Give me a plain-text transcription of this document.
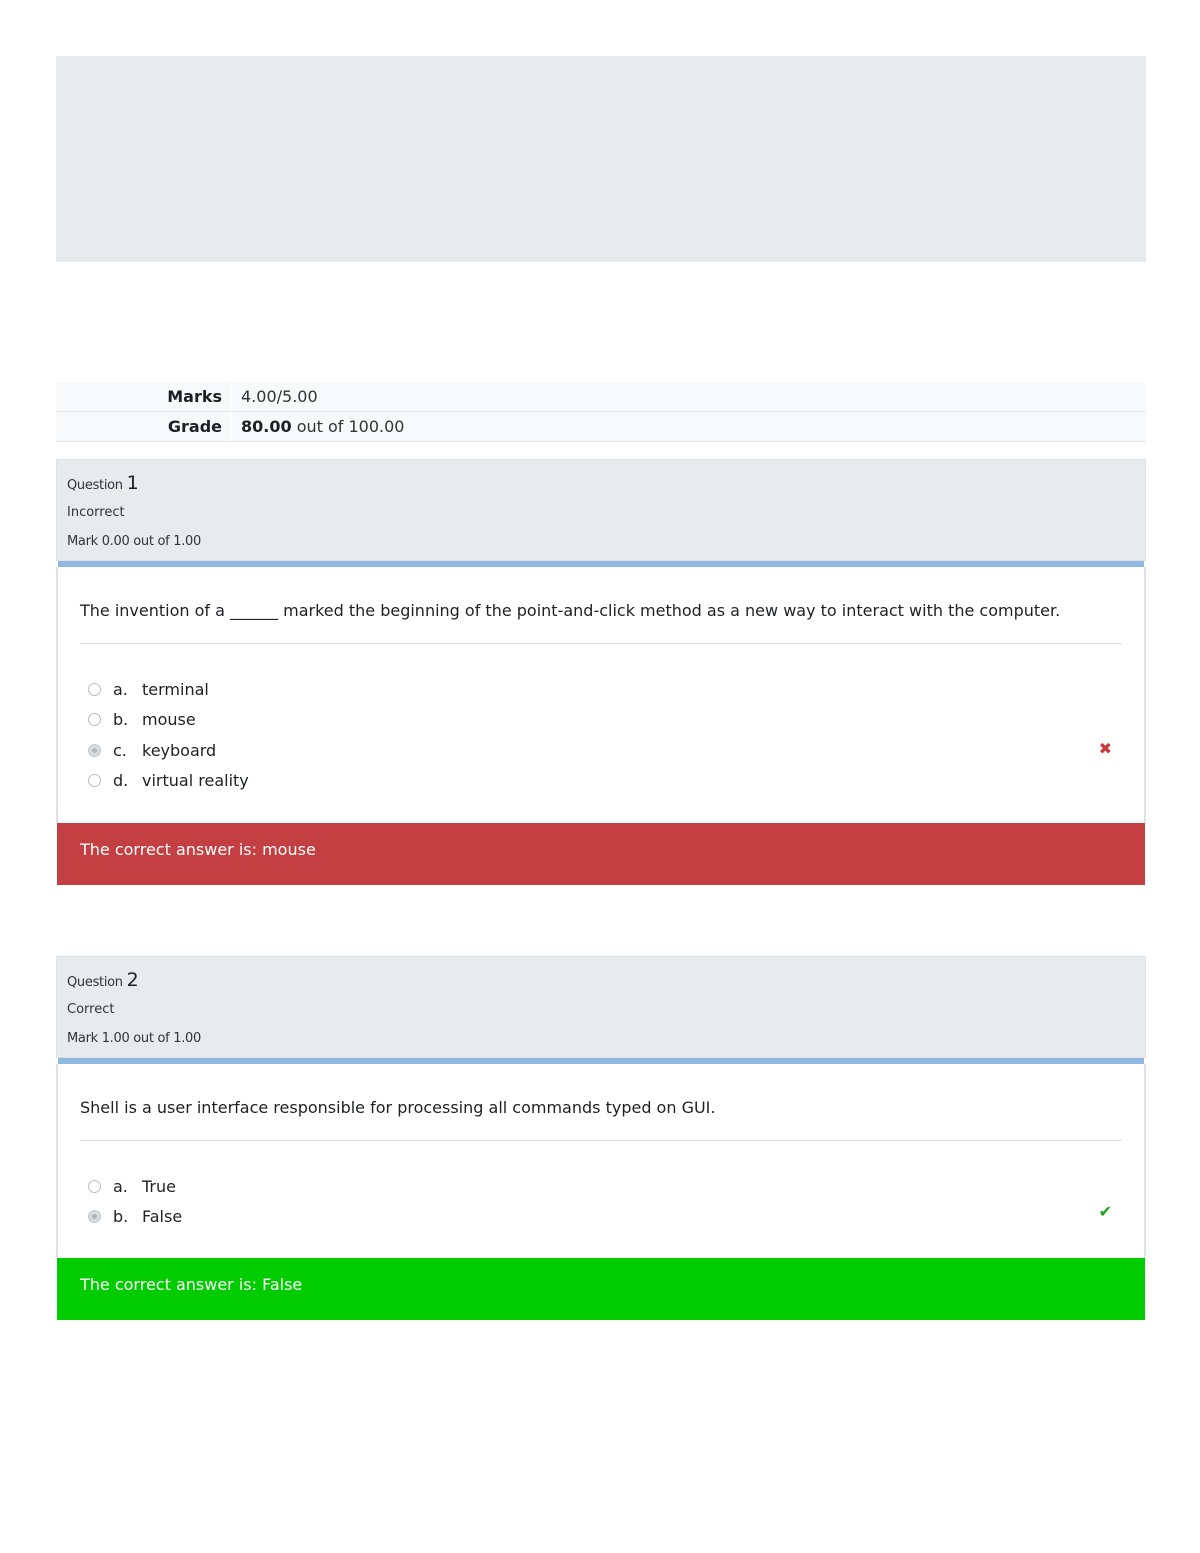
Marks	4.00/5.00
Grade	80.00 out of 100.00
Question 1
Incorrect
Mark 0.00 out of 1.00
The invention of a ______ marked the beginning of the point-and-click method as a new way to interact with the computer.
a. terminal
b. mouse
c. keyboard
d. virtual reality
✖
The correct answer is: mouse
Question 2
Correct
Mark 1.00 out of 1.00
Shell is a user interface responsible for processing all commands typed on GUI.
a. True
b. False	✔
The correct answer is: False
